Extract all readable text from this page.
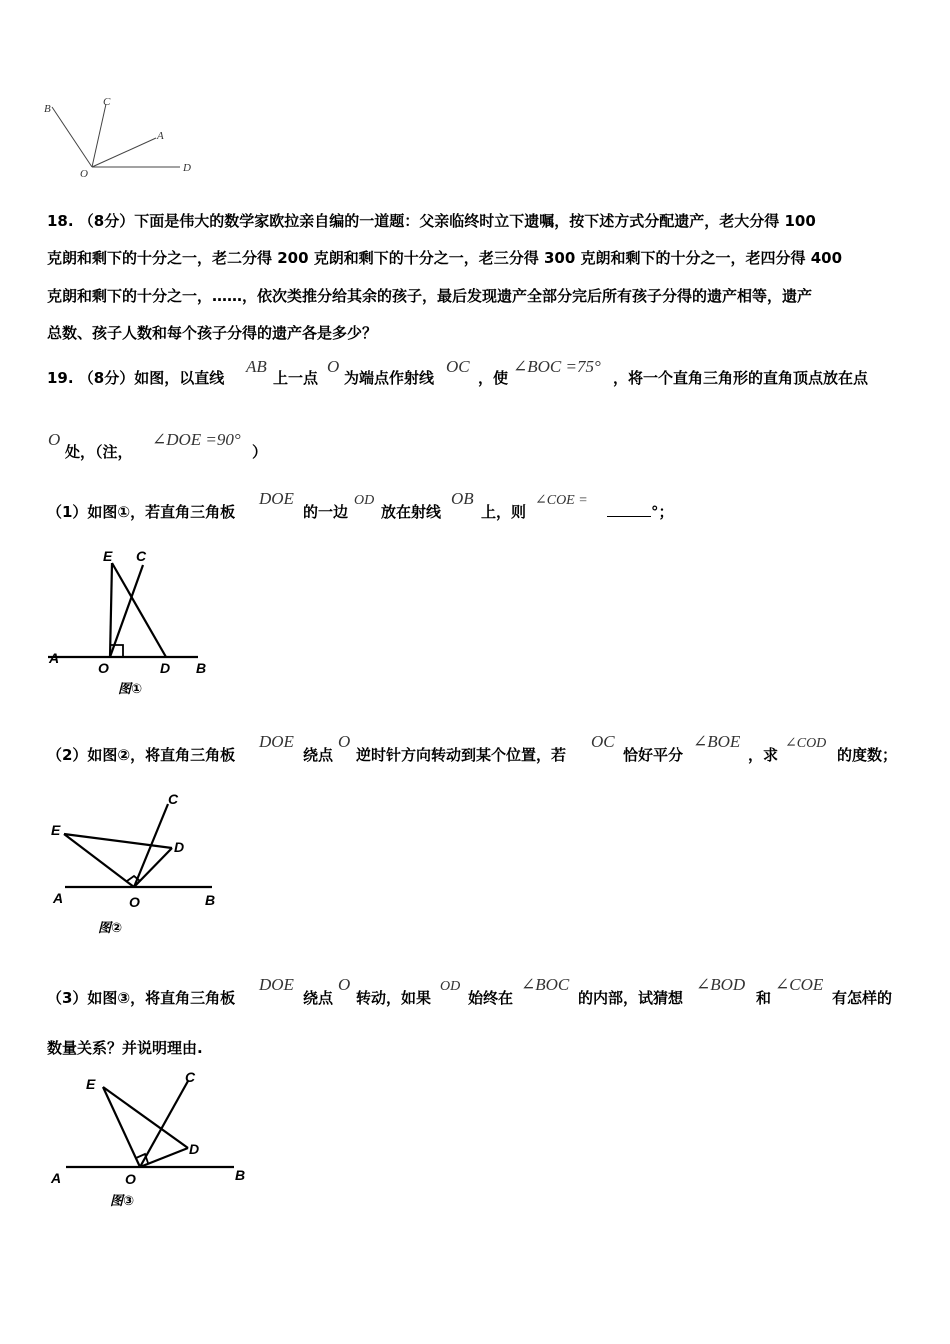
B
C
A
O	D
18. （8分）下面是伟大的数学家欧拉亲自编的一道题：父亲临终时立下遗嘱，按下述方式分配遗产，老大分得 100
克朗和剩下的十分之一，老二分得 200 克朗和剩下的十分之一，老三分得 300 克朗和剩下的十分之一，老四分得 400
克朗和剩下的十分之一，……，依次类推分给其余的孩子，最后发现遗产全部分完后所有孩子分得的遗产相等，遗产
总数、孩子人数和每个孩子分得的遗产各是多少？
19. （8分）如图，以直线
AB
上一点
O
为端点作射线
OC
，使
∠BOC =75°
，将一个直角三角形的直角顶点放在点
O
处，（注，
∠DOE =90°
）
（1）如图①，若直角三角板
DOE
的一边
OD
放在射线
OB
上，则
∠COE =
°；
E C
A
O	D B
图①
（2）如图②，将直角三角板
DOE
绕点
O
逆时针方向转动到某个位置，若
OC
恰好平分
∠BOE
，求
∠COD
的度数；
E
C
D
A	O	B
图②
（3）如图③，将直角三角板
DOE
绕点
O
转动，如果
OD
始终在
∠BOC
的内部，试猜想
∠BOD
和
∠COE
有怎样的
数量关系？并说明理由.
E	C
D
A	O	B
图③
